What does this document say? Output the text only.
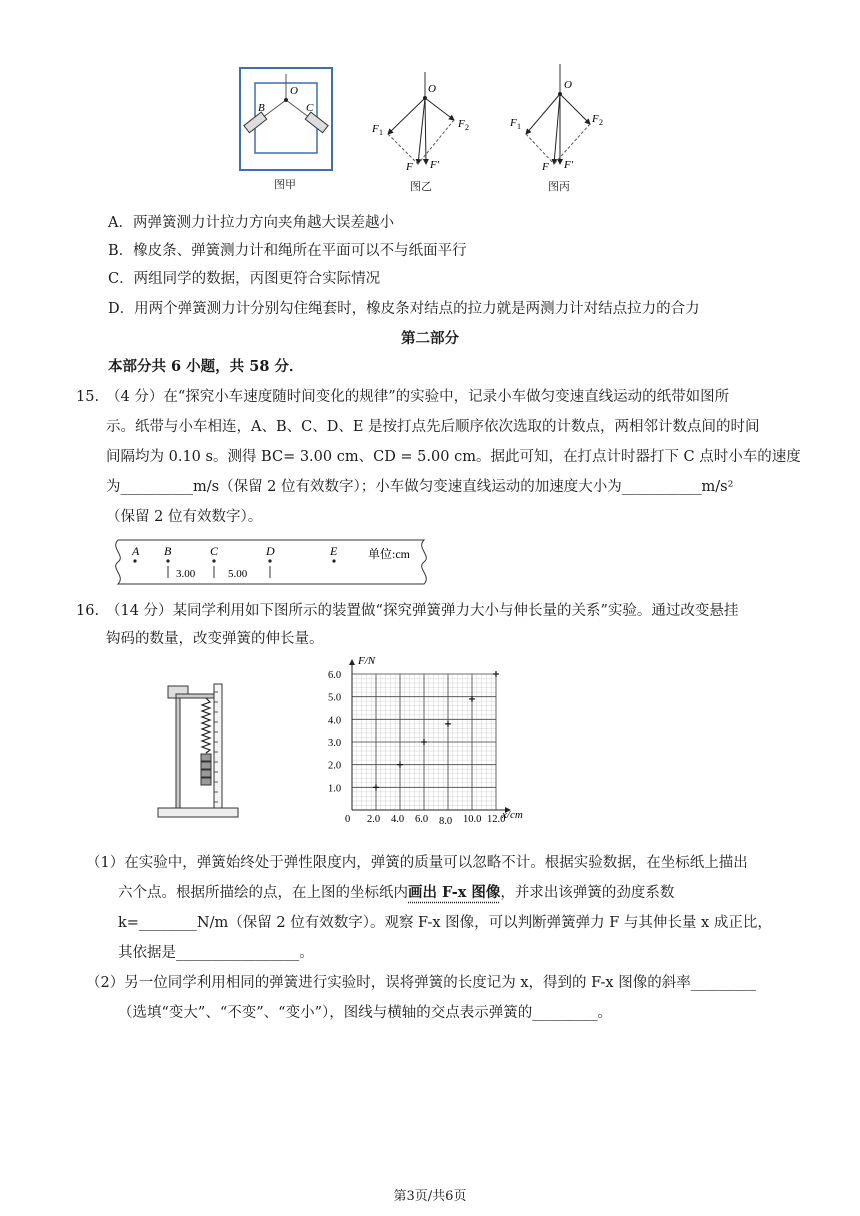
O
B	C
图甲
O
F 1
F 2
F F′
图乙
O
F 1
F 2
F F′
图丙
A．两弹簧测力计拉力方向夹角越大误差越小
B．橡皮条、弹簧测力计和绳所在平面可以不与纸面平行
C．两组同学的数据，丙图更符合实际情况
D．用两个弹簧测力计分别勾住绳套时，橡皮条对结点的拉力就是两测力计对结点拉力的合力
第二部分
本部分共 6 小题，共 58 分．
15. （4 分）在“探究小车速度随时间变化的规律”的实验中，记录小车做匀变速直线运动的纸带如图所
示。纸带与小车相连，A、B、C、D、E 是按打点先后顺序依次选取的计数点，两相邻计数点间的时间
间隔均为 0.10 s。测得 BC= 3.00 cm、CD = 5.00 cm。据此可知，在打点计时器打下 C 点时小车的速度
为__________m/s（保留 2 位有效数字）；小车做匀变速直线运动的加速度大小为___________m/s²
（保留 2 位有效数字）。
A B	C	D	E	单位:cm
3.00	5.00
16. （14 分）某同学利用如下图所示的装置做“探究弹簧弹力大小与伸长量的关系”实验。通过改变悬挂
钩码的数量，改变弹簧的伸长量。
F/N
x/cm
0 2.0 4.0 6.0 8.0 10.0 12.0
1.0
2.0
3.0
4.0
5.0
6.0
（1）在实验中，弹簧始终处于弹性限度内，弹簧的质量可以忽略不计。根据实验数据，在坐标纸上描出
六个点。根据所描绘的点，在上图的坐标纸内画出 F-x 图像，并求出该弹簧的劲度系数
k=________N/m（保留 2 位有效数字）。观察 F-x 图像，可以判断弹簧弹力 F 与其伸长量 x 成正比，
其依据是_________________。
（2）另一位同学利用相同的弹簧进行实验时，误将弹簧的长度记为 x，得到的 F-x 图像的斜率_________
（选填“变大”、“不变”、“变小”），图线与横轴的交点表示弹簧的_________。
第3页/共6页
